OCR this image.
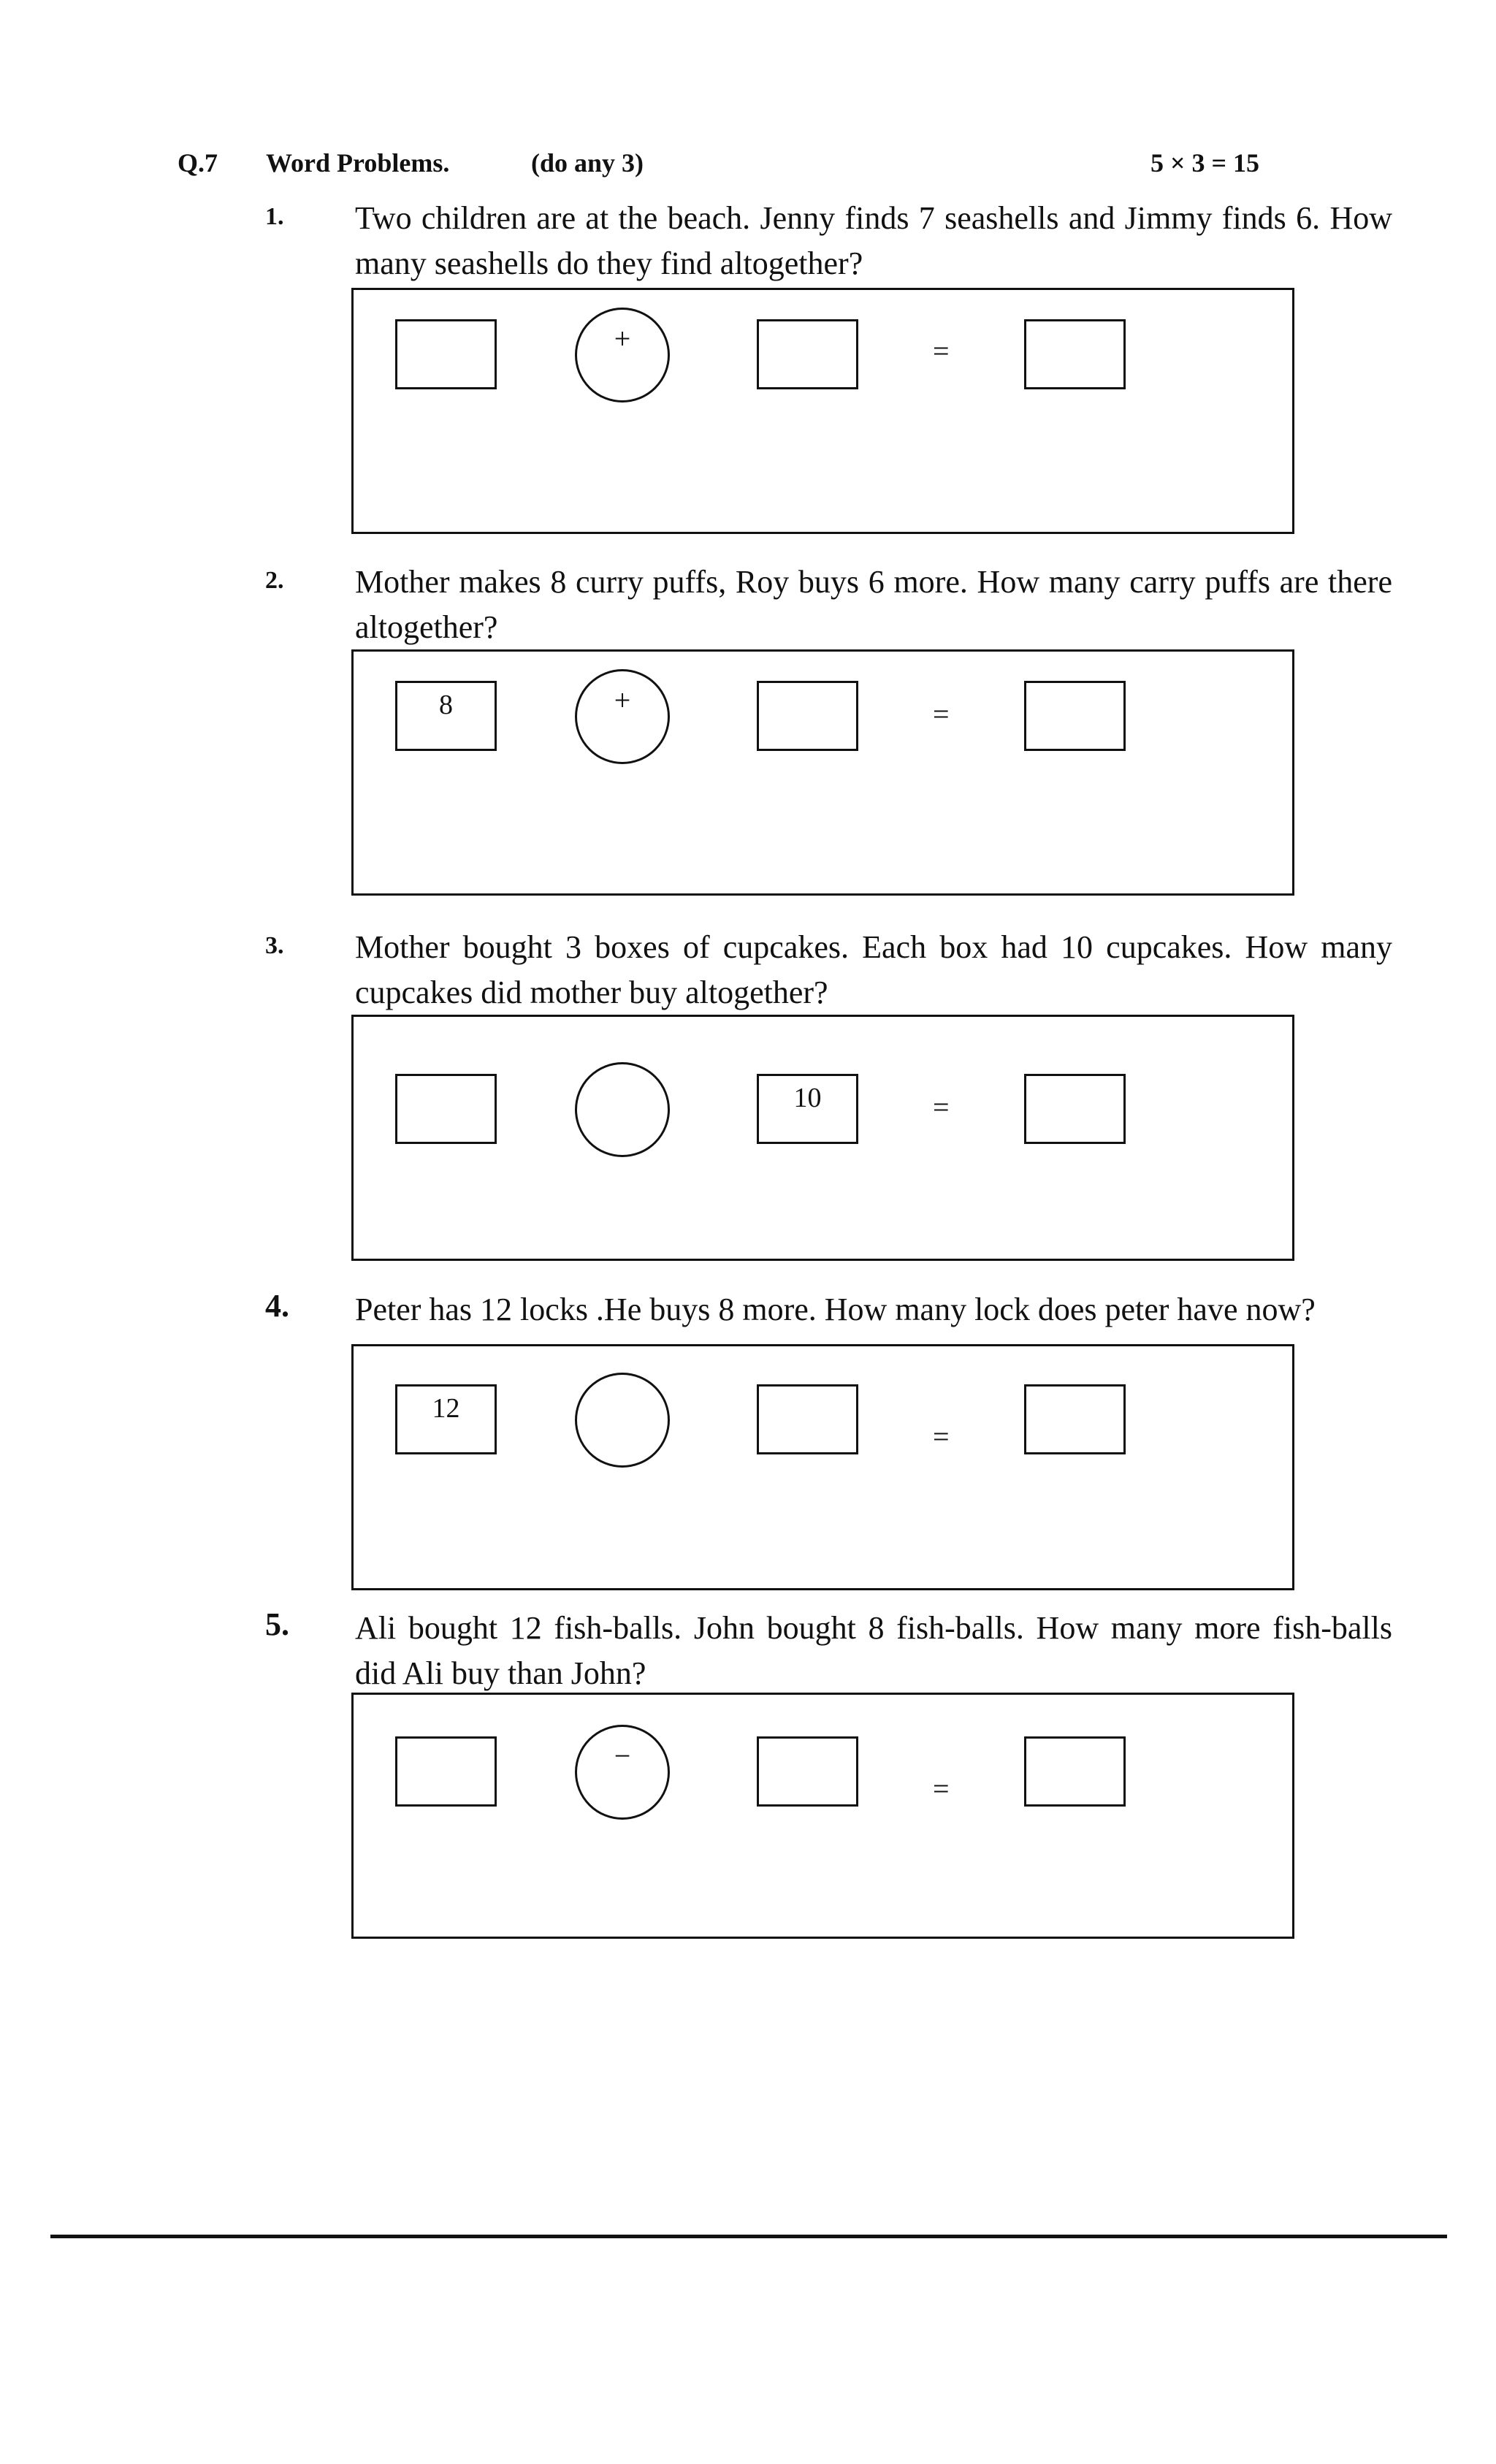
Q.7 Word Problems.	(do any 3)	5 × 3 = 15
1. Two children are at the beach. Jenny finds 7 seashells and Jimmy finds 6. How many seashells do they find altogether?
+	=
2. Mother makes 8 curry puffs, Roy buys 6 more. How many carry puffs are there altogether?
8	+	=
3. Mother bought 3 boxes of cupcakes. Each box had 10 cupcakes. How many cupcakes did mother buy altogether?
10	=
4. Peter has 12 locks .He buys 8 more. How many lock does peter have now?
12
=
5. Ali bought 12 fish-balls. John bought 8 fish-balls. How many more fish-balls did Ali buy than John?
−
=
